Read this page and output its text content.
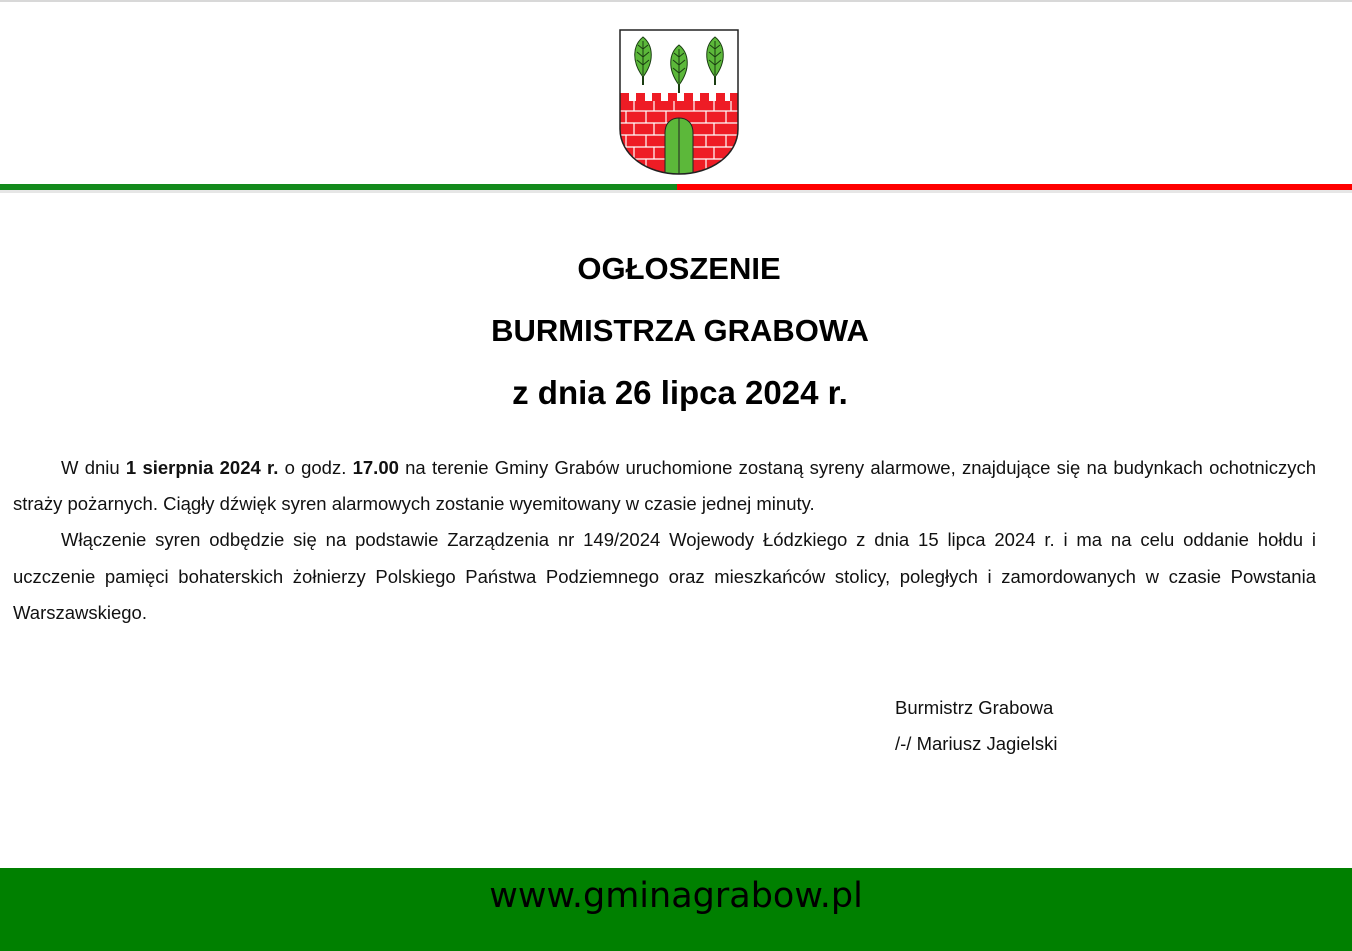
OGŁOSZENIE
BURMISTRZA GRABOWA
z dnia 26 lipca 2024 r.

W dniu 1 sierpnia 2024 r. o godz. 17.00 na terenie Gminy Grabów uruchomione zostaną syreny alarmowe, znajdujące się na budynkach ochotniczych straży pożarnych. Ciągły dźwięk syren alarmowych zostanie wyemitowany w czasie jednej minuty.

Włączenie syren odbędzie się na podstawie Zarządzenia nr 149/2024 Wojewody Łódzkiego z dnia 15 lipca 2024 r. i ma na celu oddanie hołdu i uczczenie pamięci bohaterskich żołnierzy Polskiego Państwa Podziemnego oraz mieszkańców stolicy, poległych i zamordowanych w czasie Powstania Warszawskiego.

Burmistrz Grabowa
/-/ Mariusz Jagielski
www.gminagrabow.pl
